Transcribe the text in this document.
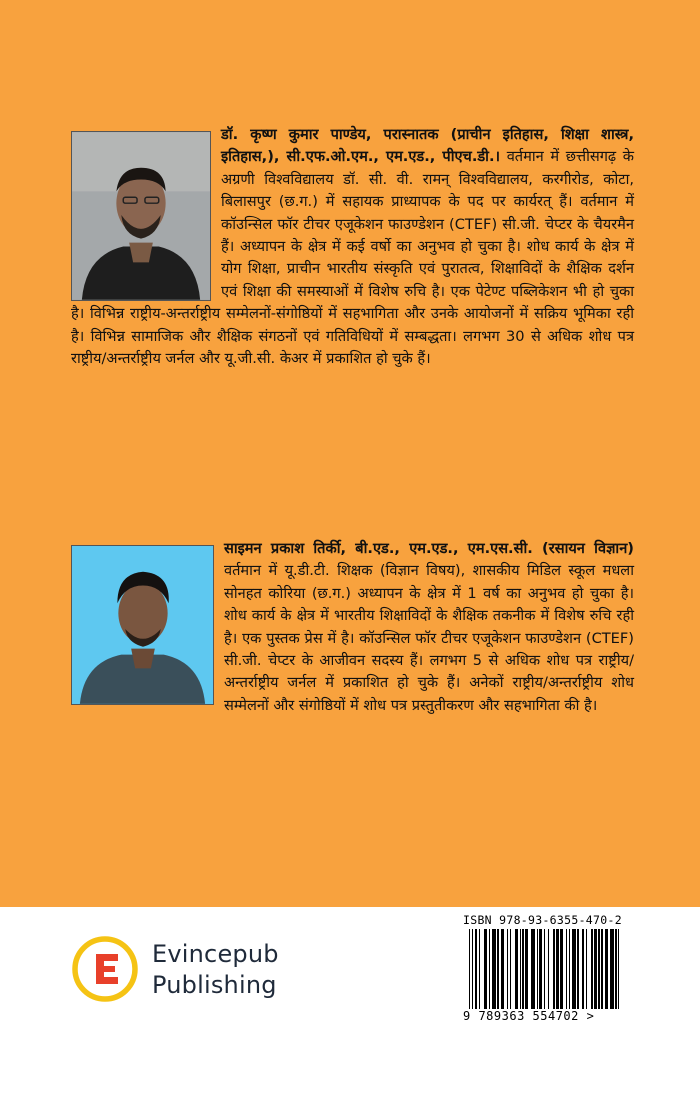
डॉ. कृष्ण कुमार पाण्डेय, परास्नातक (प्राचीन इतिहास, शिक्षा शास्त्र, इतिहास,), सी.एफ.ओ.एम., एम.एड., पीएच.डी.। वर्तमान में छत्तीसगढ़ के अग्रणी विश्वविद्यालय डॉ. सी. वी. रामन् विश्वविद्यालय, करगीरोड, कोटा, बिलासपुर (छ.ग.) में सहायक प्राध्यापक के पद पर कार्यरत् हैं। वर्तमान में कॉउन्सिल फॉर टीचर एजूकेशन फाउण्डेशन (CTEF) सी.जी. चेप्टर के चैयरमैन हैं। अध्यापन के क्षेत्र में कई वर्षो का अनुभव हो चुका है। शोध कार्य के क्षेत्र में योग शिक्षा, प्राचीन भारतीय संस्कृति एवं पुरातत्व, शिक्षाविदों के शैक्षिक दर्शन एवं शिक्षा की समस्याओं में विशेष रुचि है। एक पेटेण्ट पब्लिकेशन भी हो चुका है। विभिन्न राष्ट्रीय-अन्तर्राष्ट्रीय सम्मेलनों-संगोष्ठियों में सहभागिता और उनके आयोजनों में सक्रिय भूमिका रही है। विभिन्न सामाजिक और शैक्षिक संगठनों एवं गतिविधियों में सम्बद्धता। लगभग 30 से अधिक शोध पत्र राष्ट्रीय/अन्तर्राष्ट्रीय जर्नल और यू.जी.सी. केअर में प्रकाशित हो चुके हैं।
साइमन प्रकाश तिर्की, बी.एड., एम.एड., एम.एस.सी. (रसायन विज्ञान) वर्तमान में यू.डी.टी. शिक्षक (विज्ञान विषय), शासकीय मिडिल स्कूल मधला सोनहत कोरिया (छ.ग.) अध्यापन के क्षेत्र में 1 वर्ष का अनुभव हो चुका है। शोध कार्य के क्षेत्र में भारतीय शिक्षाविदों के शैक्षिक तकनीक में विशेष रुचि रही है। एक पुस्तक प्रेस में है। कॉउन्सिल फॉर टीचर एजूकेशन फाउण्डेशन (CTEF) सी.जी. चेप्टर के आजीवन सदस्य हैं। लगभग 5 से अधिक शोध पत्र राष्ट्रीय/अन्तर्राष्ट्रीय जर्नल में प्रकाशित हो चुके हैं। अनेकों राष्ट्रीय/अन्तर्राष्ट्रीय शोध सम्मेलनों और संगोष्ठियों में शोध पत्र प्रस्तुतीकरण और सहभागिता की है।
Evincepub
Publishing
ISBN 978-93-6355-470-2
9 789363 554702 >
